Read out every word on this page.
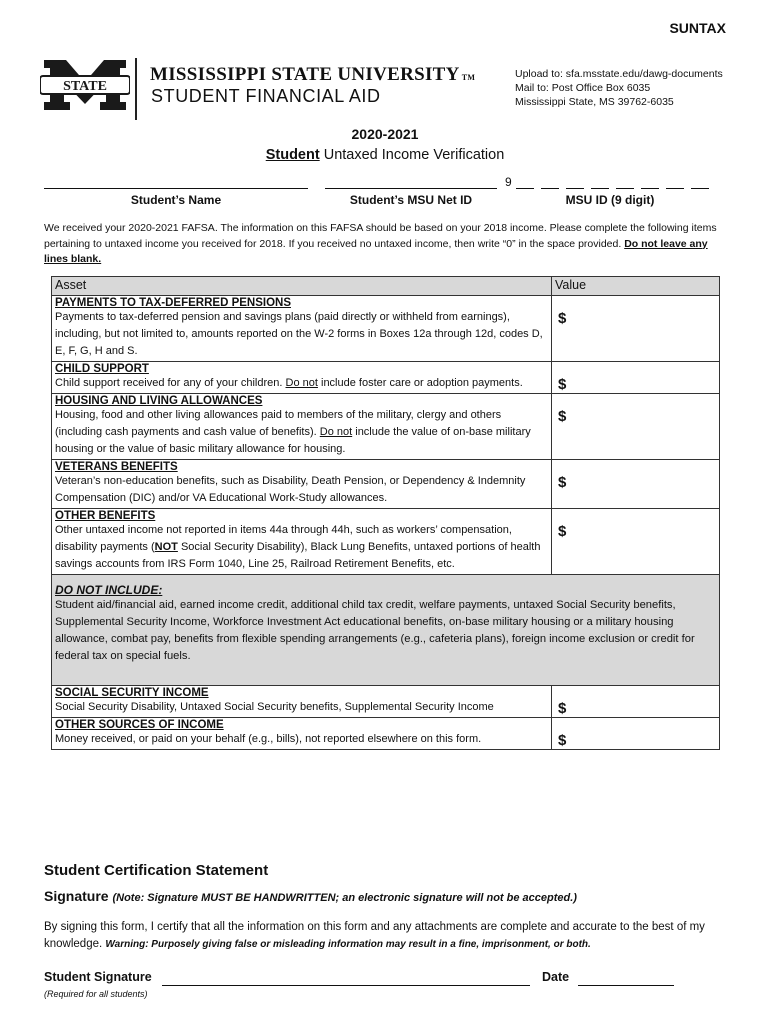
SUNTAX
STATE
MISSISSIPPI STATE UNIVERSITY TM
STUDENT FINANCIAL AID
Upload to: sfa.msstate.edu/dawg-documents
Mail to: Post Office Box 6035
Mississippi State, MS 39762-6035
2020-2021
Student Untaxed Income Verification
Student’s Name	Student’s MSU Net ID
9
MSU ID (9 digit)
We received your 2020-2021 FAFSA. The information on this FAFSA should be based on your 2018 income. Please complete the following items pertaining to untaxed income you received for 2018. If you received no untaxed income, then write “0” in the space provided. Do not leave any lines blank.
Asset	Value

PAYMENTS TO TAX-DEFERRED PENSIONS
Payments to tax-deferred pension and savings plans (paid directly or withheld from earnings), including, but not limited to, amounts reported on the W-2 forms in Boxes 12a through 12d, codes D, E, F, G, H and S.	$

CHILD SUPPORT
Child support received for any of your children. Do not include foster care or adoption payments.	$

HOUSING AND LIVING ALLOWANCES
Housing, food and other living allowances paid to members of the military, clergy and others (including cash payments and cash value of benefits). Do not include the value of on-base military housing or the value of basic military allowance for housing.	$

VETERANS BENEFITS
Veteran’s non-education benefits, such as Disability, Death Pension, or Dependency & Indemnity Compensation (DIC) and/or VA Educational Work-Study allowances.	$

OTHER BENEFITS
Other untaxed income not reported in items 44a through 44h, such as workers’ compensation, disability payments (NOT Social Security Disability), Black Lung Benefits, untaxed portions of health savings accounts from IRS Form 1040, Line 25, Railroad Retirement Benefits, etc.	$

DO NOT INCLUDE:
Student aid/financial aid, earned income credit, additional child tax credit, welfare payments, untaxed Social Security benefits, Supplemental Security Income, Workforce Investment Act educational benefits, on-base military housing or a military housing allowance, combat pay, benefits from flexible spending arrangements (e.g., cafeteria plans), foreign income exclusion or credit for federal tax on special fuels.	

SOCIAL SECURITY INCOME
Social Security Disability, Untaxed Social Security benefits, Supplemental Security Income	$

OTHER SOURCES OF INCOME
Money received, or paid on your behalf (e.g., bills), not reported elsewhere on this form.	$
Student Certification Statement
Signature (Note: Signature MUST BE HANDWRITTEN; an electronic signature will not be accepted.)
By signing this form, I certify that all the information on this form and any attachments are complete and accurate to the best of my knowledge. Warning: Purposely giving false or misleading information may result in a fine, imprisonment, or both.
Student Signature	Date
(Required for all students)
